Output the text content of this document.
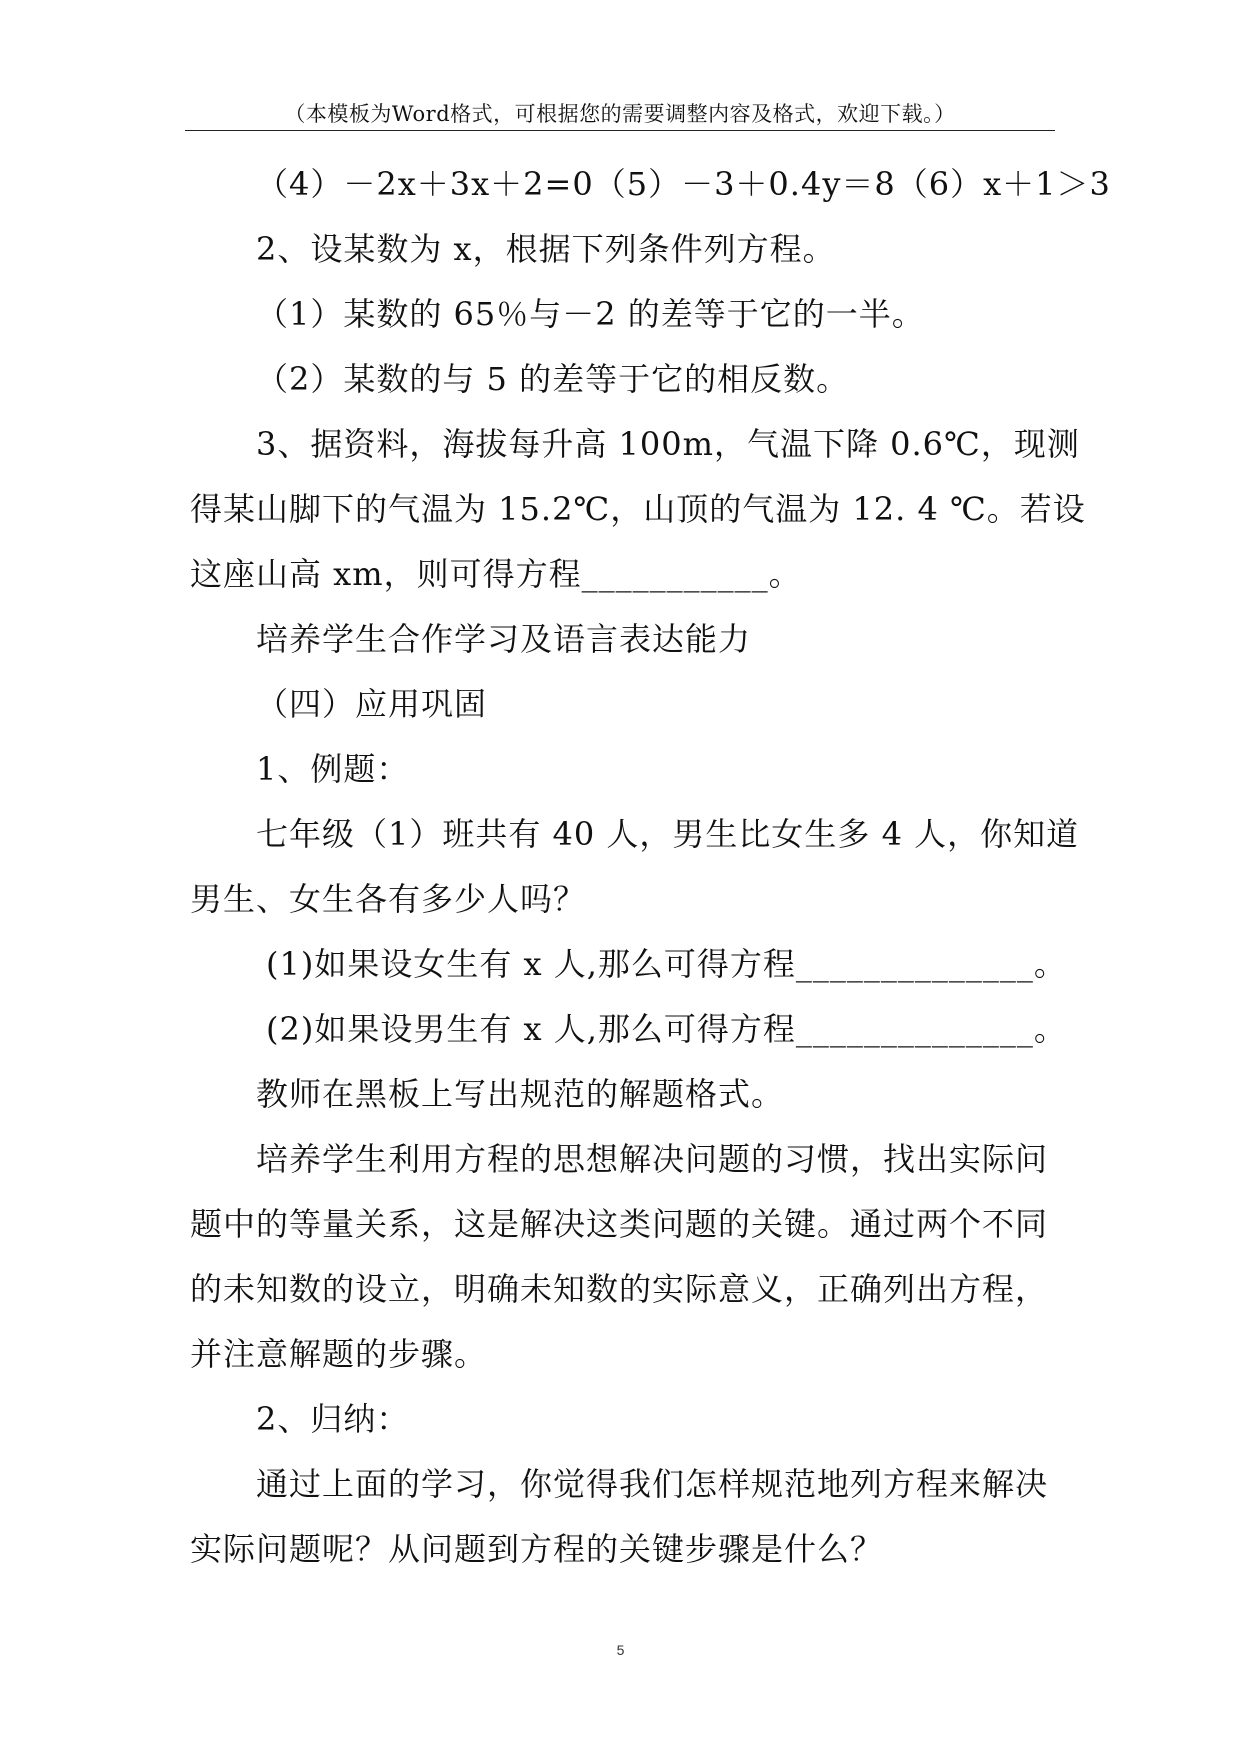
（本模板为Word格式，可根据您的需要调整内容及格式，欢迎下载。）
（4）－2x＋3x＋2=0（5）－3＋0.4y＝8（6）x＋1＞3
2、设某数为 x，根据下列条件列方程。
（1）某数的 65％与－2 的差等于它的一半。
（2）某数的与 5 的差等于它的相反数。
3、据资料，海拔每升高 100m，气温下降 0.6℃，现测
得某山脚下的气温为 15.2℃，山顶的气温为 12. 4 ℃。若设
这座山高 xm，则可得方程___________。
培养学生合作学习及语言表达能力
（四）应用巩固
1、例题：
七年级（1）班共有 40 人，男生比女生多 4 人，你知道
男生、女生各有多少人吗？
(1)如果设女生有 x 人,那么可得方程______________。
(2)如果设男生有 x 人,那么可得方程______________。
教师在黑板上写出规范的解题格式。
培养学生利用方程的思想解决问题的习惯，找出实际问
题中的等量关系，这是解决这类问题的关键。通过两个不同
的未知数的设立，明确未知数的实际意义，正确列出方程，
并注意解题的步骤。
2、归纳：
通过上面的学习，你觉得我们怎样规范地列方程来解决
实际问题呢？从问题到方程的关键步骤是什么？
5
